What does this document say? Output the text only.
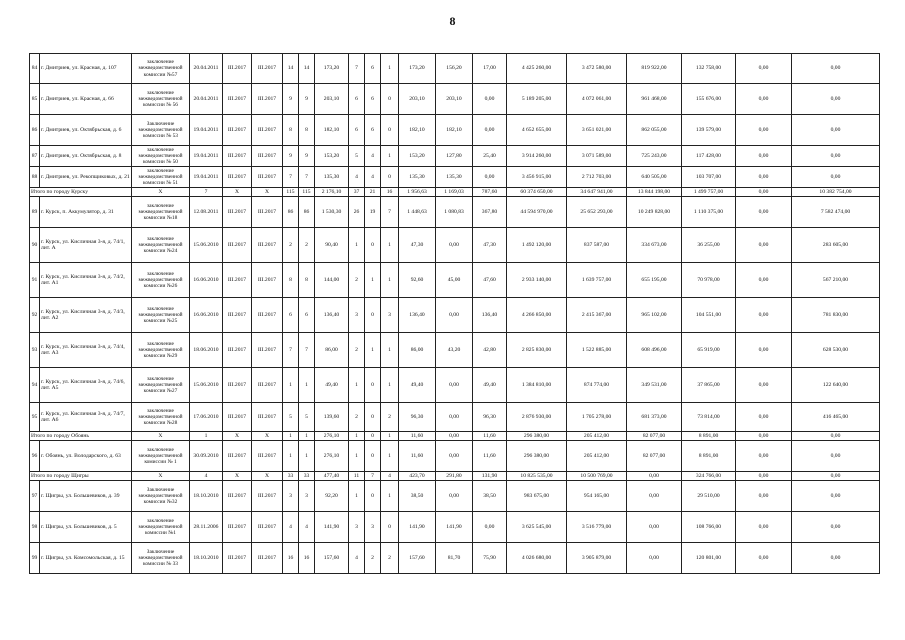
8
84	г. Дмитриев, ул. Красная, д. 107	заключение межведомственной комиссии №57	20.04.2011	III.2017	III.2017	14	14	173,20	7	6	1	173,20	156,20	17,00	4 425 260,00	3 472 580,00	819 922,00	132 758,00	0,00	0,00
85	г. Дмитриев, ул. Красная, д. 66	заключение межведомственной комиссии № 56	20.04.2011	III.2017	III.2017	9	9	203,10	6	6	0	203,10	203,10	0,00	5 189 205,00	4 072 061,00	961 468,00	155 676,00	0,00	0,00
86	г. Дмитриев, ул. Октябрьская, д. 6	Заключение межведомственной комиссии № 53	19.04.2011	III.2017	III.2017	8	8	182,10	6	6	0	182,10	182,10	0,00	4 652 655,00	3 651 021,00	862 055,00	139 579,00	0,00	0,00
87	г. Дмитриев, ул. Октябрьская, д. 8	заключение межведомственной комиссии № 50	19.04.2011	III.2017	III.2017	9	9	153,20	5	4	1	153,20	127,80	25,40	3 914 260,00	3 071 589,00	725 243,00	117 428,00	0,00	0,00
88	г. Дмитриев, ул. Рекопщиковых, д. 21	заключение межведомственной комиссии № 51	19.04.2011	III.2017	III.2017	7	7	135,30	4	4	0	135,30	135,30	0,00	3 456 915,00	2 712 703,00	640 505,00	103 707,00	0,00	0,00
Итого по городу Курску		X	7	X	X	115	115	2 176,10	37	21	16	1 956,63	1 169,03	787,60	60 374 650,00	34 647 941,00	13 844 198,00	1 499 757,00	0,00	10 382 754,00
89	г. Курск, п. Аккумулятор, д. 31	заключение межведомственной комиссии №18	12.08.2011	III.2017	III.2017	86	86	1 530,30	26	19	7	1 448,63	1 080,83	367,80	44 594 970,00	25 652 293,00	10 249 828,00	1 110 375,00	0,00	7 582 474,00
90	г. Курск, ул. Кисличная 3-я, д. 74/1, лит. А	заключение межведомственной комиссии №24	15.06.2010	III.2017	III.2017	2	2	90,40	1	0	1	47,30	0,00	47,30	1 492 120,00	837 587,00	334 673,00	36 255,00	0,00	283 605,00
91	г. Курск, ул. Кисличная 3-я, д. 74/2, лит. А1	заключение межведомственной комиссии №26	16.06.2010	III.2017	III.2017	8	8	144,00	2	1	1	92,60	45,00	47,60	2 933 140,00	1 639 757,00	655 195,00	70 978,00	0,00	567 210,00
92	г. Курск, ул. Кисличная 3-я, д. 74/3, лит. А2	заключение межведомственной комиссии №25	16.06.2010	III.2017	III.2017	6	6	136,40	3	0	3	136,40	0,00	136,40	4 266 850,00	2 415 367,00	965 102,00	104 551,00	0,00	781 830,00
93	г. Курск, ул. Кисличная 3-я, д. 74/4, лит. А3	заключение межведомственной комиссии №29	18.06.2010	III.2017	III.2017	7	7	86,00	2	1	1	86,00	43,20	42,80	2 825 830,00	1 522 885,00	608 496,00	65 919,00	0,00	628 530,00
94	г. Курск, ул. Кисличная 3-я, д. 74/6, лит. А5	заключение межведомственной комиссии №27	15.06.2010	III.2017	III.2017	1	1	49,40	1	0	1	49,40	0,00	49,40	1 384 810,00	874 774,00	349 531,00	37 865,00	0,00	122 640,00
95	г. Курск, ул. Кисличная 3-я, д. 74/7, лит. А6	заключение межведомственной комиссии №28	17.06.2010	III.2017	III.2017	5	5	139,60	2	0	2	96,30	0,00	96,30	2 876 930,00	1 705 278,00	681 373,00	73 814,00	0,00	416 465,00
Итого по городу Обоянь		X	1	X	X	1	1	276,10	1	0	1	11,60	0,00	11,60	296 380,00	205 412,00	82 077,00	8 891,00	0,00	0,00
96	г. Обоянь, ул. Володарского, д. 63	заключение межведомственной комиссии № 1	30.09.2010	III.2017	III.2017	1	1	276,10	1	0	1	11,60	0,00	11,60	296 380,00	205 412,00	82 077,00	8 891,00	0,00	0,00
Итого по городу Щигры		X	4	X	X	33	33	477,40	11	7	4	423,70	291,80	131,90	10 825 535,00	10 500 769,00	0,00	324 766,00	0,00	0,00
97	г. Щигры, ул. Большевиков, д. 39	Заключение межведомственной комиссии №32	18.10.2010	III.2017	III.2017	3	3	92,20	1	0	1	38,50	0,00	38,50	983 675,00	954 165,00	0,00	29 510,00	0,00	0,00
98	г. Щигры, ул. Большевиков, д. 5	заключение межведомственной комиссии №1	28.11.2006	III.2017	III.2017	4	4	141,90	3	3	0	141,90	141,90	0,00	3 625 545,00	3 516 779,00	0,00	108 766,00	0,00	0,00
99	г. Щигры, ул. Комсомольская, д. 15	Заключение межведомственной комиссии № 33	18.10.2010	III.2017	III.2017	16	16	157,60	4	2	2	157,60	81,70	75,90	4 026 680,00	3 905 879,00	0,00	120 801,00	0,00	0,00
